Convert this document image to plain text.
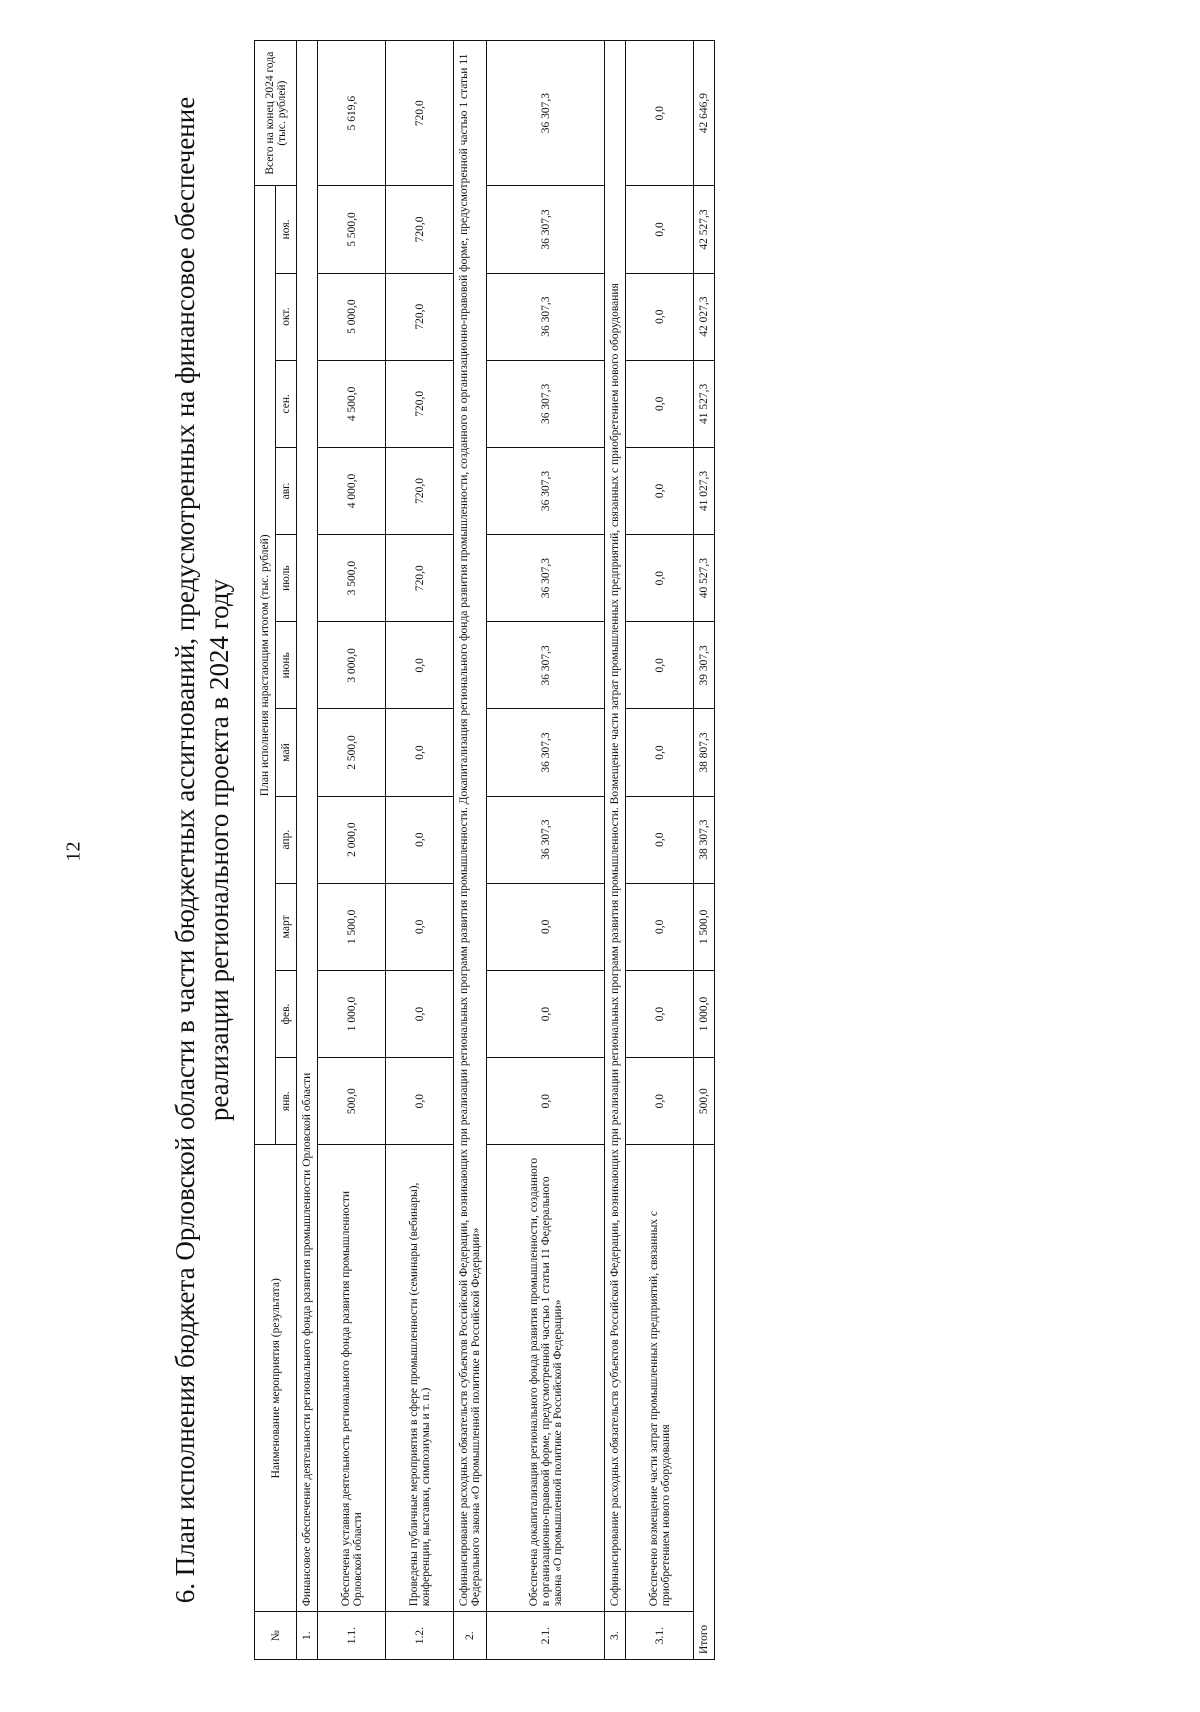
12	6. План исполнения бюджета Орловской области в части бюджетных ассигнований, предусмотренных на финансовое обеспечение реализации регионального проекта в 2024 году
№	Наименование мероприятия (результата)	План исполнения нарастающим итогом (тыс. рублей)											Всего на конец 2024 года (тыс. рублей)
		янв.	фев.	март	апр.	май	июнь	июль	авг.	сен.	окт.	ноя.	
1.	Финансовое обеспечение деятельности регионального фонда развития промышленности Орловской области												
1.1.	Обеспечена уставная деятельность регионального фонда развития промышленности Орловской области	500,0	1 000,0	1 500,0	2 000,0	2 500,0	3 000,0	3 500,0	4 000,0	4 500,0	5 000,0	5 500,0	5 619,6
1.2.	Проведены публичные мероприятия в сфере промышленности (семинары (вебинары), конференции, выставки, симпозиумы и т. п.)	0,0	0,0	0,0	0,0	0,0	0,0	720,0	720,0	720,0	720,0	720,0	720,0
2.	Софинансирование расходных обязательств субъектов Российской Федерации, возникающих при реализации региональных программ развития промышленности. Докапитализация регионального фонда развития промышленности, созданного в организационно-правовой форме, предусмотренной частью 1 статьи 11 Федерального закона «О промышленной политике в Российской Федерации»												
2.1.	Обеспечена докапитализация регионального фонда развития промышленности, созданного в организационно-правовой форме, предусмотренной частью 1 статьи 11 Федерального закона «О промышленной политике в Российской Федерации»	0,0	0,0	0,0	36 307,3	36 307,3	36 307,3	36 307,3	36 307,3	36 307,3	36 307,3	36 307,3	36 307,3
3.	Софинансирование расходных обязательств субъектов Российской Федерации, возникающих при реализации региональных программ развития промышленности. Возмещение части затрат промышленных предприятий, связанных с приобретением нового оборудования												
3.1.	Обеспечено возмещение части затрат промышленных предприятий, связанных с приобретением нового оборудования	0,0	0,0	0,0	0,0	0,0	0,0	0,0	0,0	0,0	0,0	0,0	0,0
Итого		500,0	1 000,0	1 500,0	38 307,3	38 807,3	39 307,3	40 527,3	41 027,3	41 527,3	42 027,3	42 527,3	42 646,9
